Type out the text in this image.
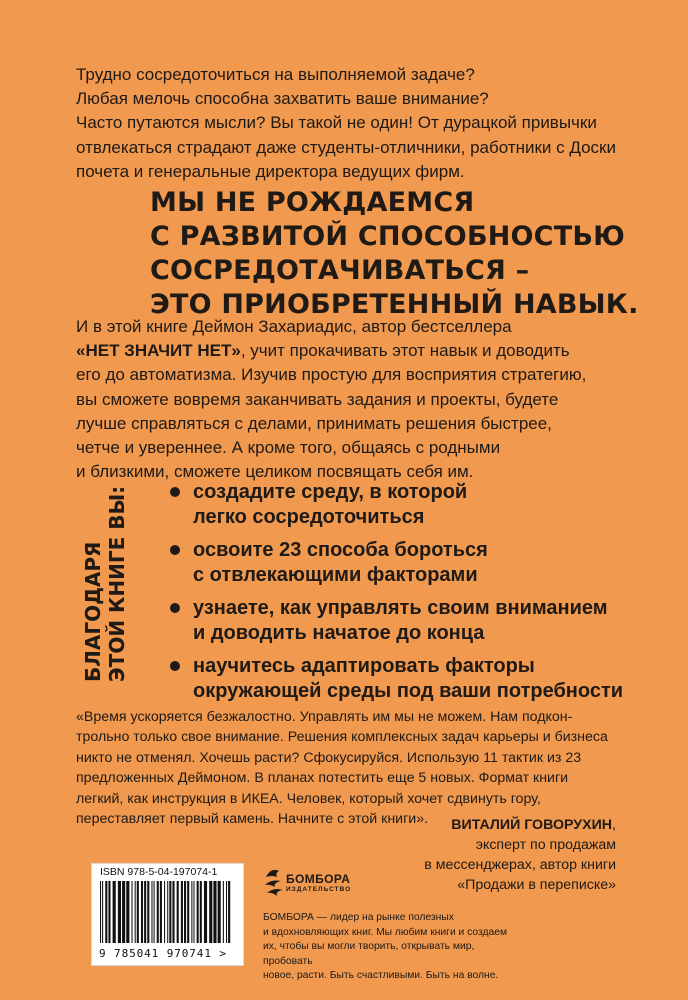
Трудно сосредоточиться на выполняемой задаче?

Любая мелочь способна захватить ваше внимание?

Часто путаются мысли? Вы такой не один! От дурацкой привычки

отвлекаться страдают даже студенты-отличники, работники с Доски

почета и генеральные директора ведущих фирм.

МЫ НЕ РОЖДАЕМСЯ
С РАЗВИТОЙ СПОСОБНОСТЬЮ
СОСРЕДОТАЧИВАТЬСЯ –
ЭТО ПРИОБРЕТЕННЫЙ НАВЫК.
И в этой книге Деймон Захариадис, автор бестселлера
«НЕТ ЗНАЧИТ НЕТ», учит прокачивать этот навык и доводить
его до автоматизма. Изучив простую для восприятия стратегию,
вы сможете вовремя заканчивать задания и проекты, будете
лучше справляться с делами, принимать решения быстрее,
четче и увереннее. А кроме того, общаясь с родными
и близкими, сможете целиком посвящать себя им.
БЛАГОДАРЯ ЭТОЙ КНИГЕ ВЫ:	создадите среду, в которой
легко сосредоточиться
освоите 23 способа бороться
с отвлекающими факторами
узнаете, как управлять своим вниманием
и доводить начатое до конца
научитесь адаптировать факторы
окружающей среды под ваши потребности
«Время ускоряется безжалостно. Управлять им мы не можем. Нам подкон-
трольно только свое внимание. Решения комплексных задач карьеры и бизнеса
никто не отменял. Хочешь расти? Сфокусируйся. Использую 11 тактик из 23
предложенных Деймоном. В планах потестить еще 5 новых. Формат книги
легкий, как инструкция в ИКЕА. Человек, который хочет сдвинуть гору,
переставляет первый камень. Начните с этой книги».	ВИТАЛИЙ ГОВОРУХИН,
эксперт по продажам
в мессенджерах, автор книги
«Продажи в переписке»
ISBN 978-5-04-197074-1
9 785041 970741 >
БОМБОРА
ИЗДАТЕЛЬСТВО
БОМБОРА — лидер на рынке полезных
и вдохновляющих книг. Мы любим книги и создаем
их, чтобы вы могли творить, открывать мир, пробовать
новое, расти. Быть счастливыми. Быть на волне.
